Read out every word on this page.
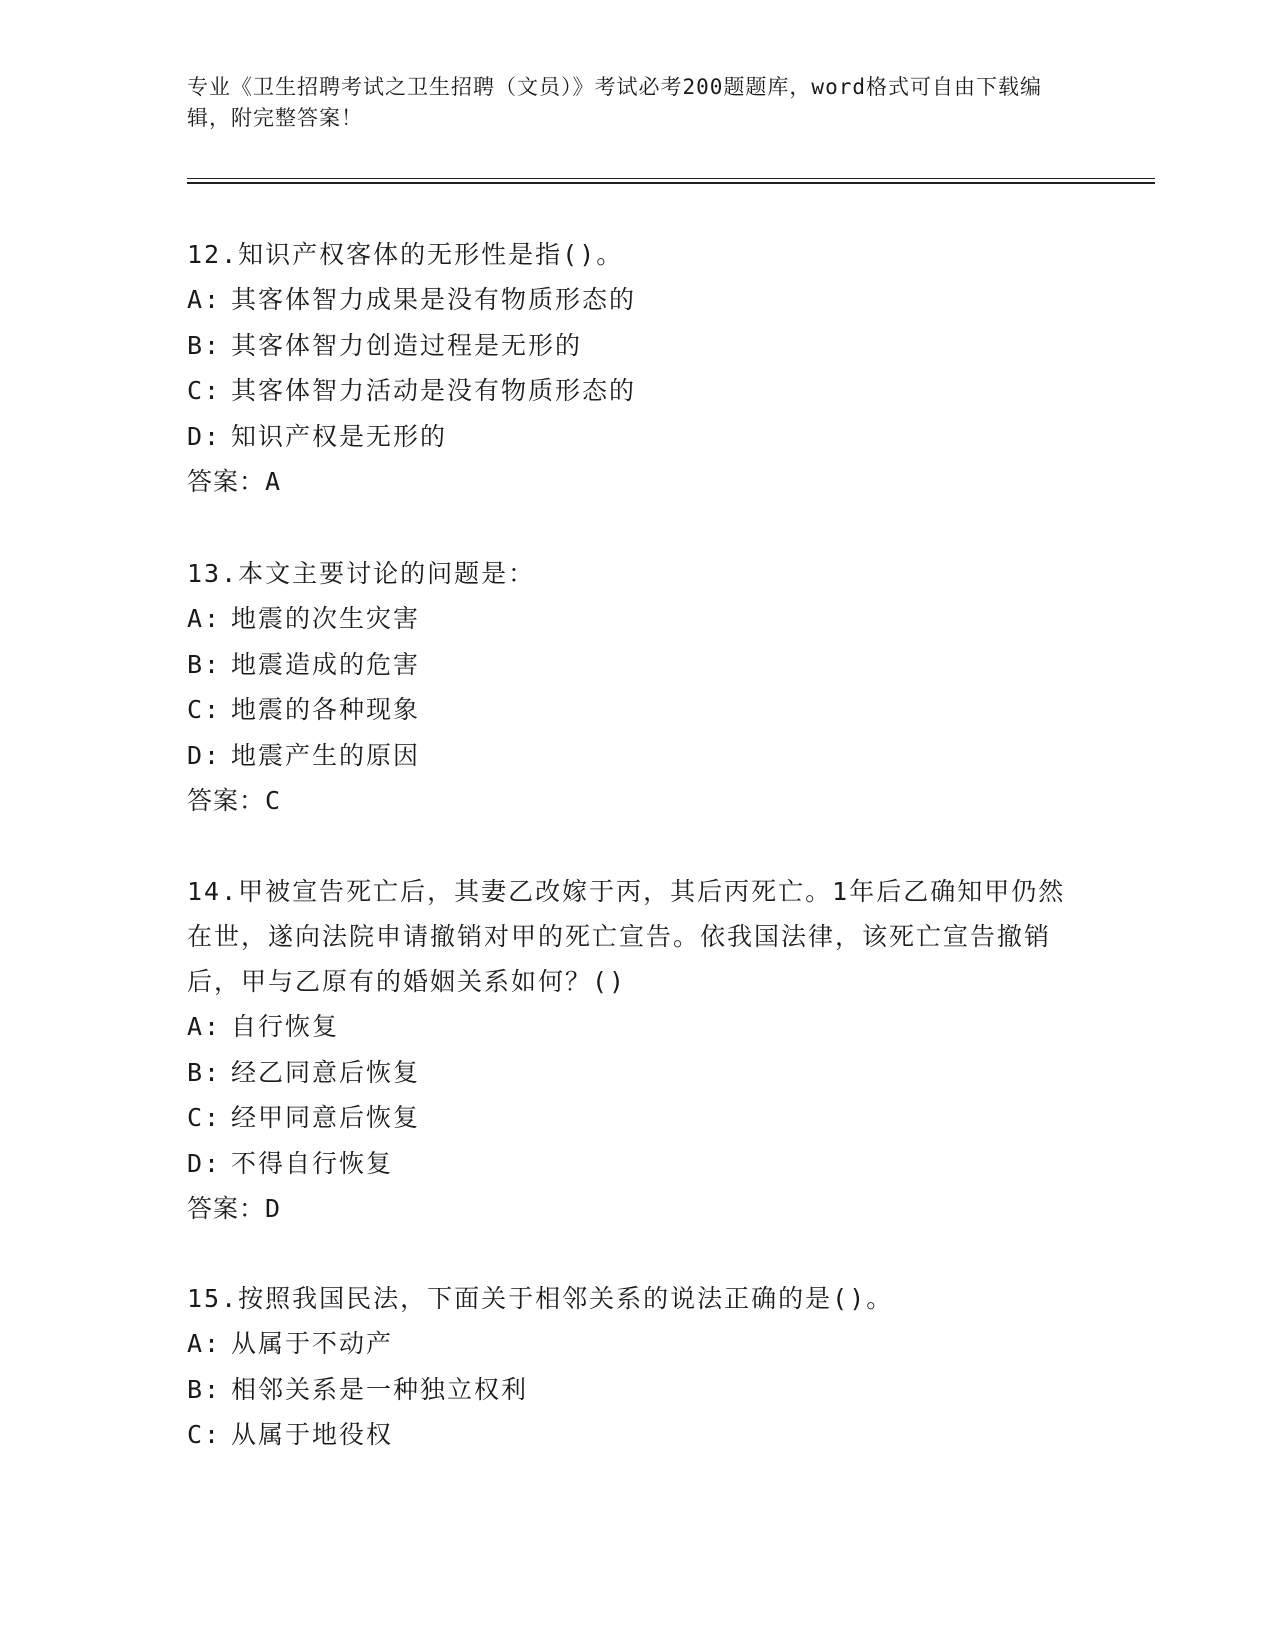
专业《卫生招聘考试之卫生招聘（文员）》考试必考200题题库，word格式可自由下载编辑，附完整答案！
12.知识产权客体的无形性是指()。
A: 其客体智力成果是没有物质形态的
B: 其客体智力创造过程是无形的
C: 其客体智力活动是没有物质形态的
D: 知识产权是无形的
答案：A
13.本文主要讨论的问题是：
A: 地震的次生灾害
B: 地震造成的危害
C: 地震的各种现象
D: 地震产生的原因
答案：C
14.甲被宣告死亡后，其妻乙改嫁于丙，其后丙死亡。1年后乙确知甲仍然在世，遂向法院申请撤销对甲的死亡宣告。依我国法律，该死亡宣告撤销后，甲与乙原有的婚姻关系如何？()
A: 自行恢复
B: 经乙同意后恢复
C: 经甲同意后恢复
D: 不得自行恢复
答案：D
15.按照我国民法，下面关于相邻关系的说法正确的是()。
A: 从属于不动产
B: 相邻关系是一种独立权利
C: 从属于地役权
